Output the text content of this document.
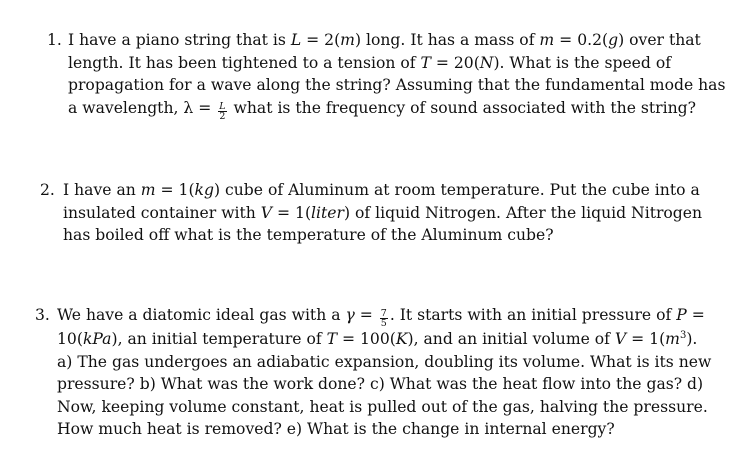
1. I have a piano string that is L = 2(m) long. It has a mass of m = 0.2(g) over that
length. It has been tightened to a tension of T = 20(N). What is the speed of
propagation for a wave along the string? Assuming that the fundamental mode has
a wavelength, $\lambda = \frac{L}{2}$ what is the frequency of sound associated with the string?
2. I have an m = 1(kg) cube of Aluminum at room temperature. Put the cube into a
insulated container with V = 1(liter) of liquid Nitrogen. After the liquid Nitrogen
has boiled off what is the temperature of the Aluminum cube?
3. We have a diatomic ideal gas with a $\gamma = \frac{7}{5}$ . It starts with an initial pressure of P =
10(kPa), an initial temperature of T = 100(K), and an initial volume of $V = 1(m^3)$.
a) The gas undergoes an adiabatic expansion, doubling its volume. What is its new
pressure? b) What was the work done? c) What was the heat flow into the gas? d)
Now, keeping volume constant, heat is pulled out of the gas, halving the pressure.
How much heat is removed? e) What is the change in internal energy?
